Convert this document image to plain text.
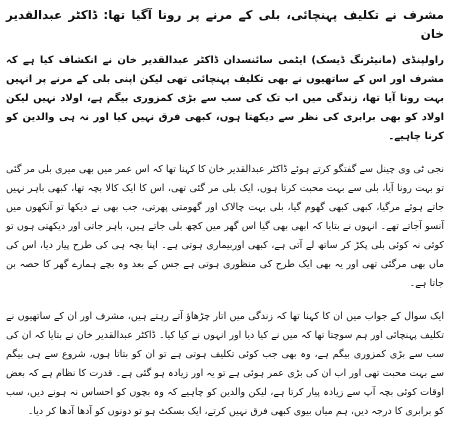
مشرف نے تکلیف پہنچائی، بلی کے مرنے پر رونا آگیا تھا: ڈاکٹر عبدالقدیر خان

راولپنڈی (مانیٹرنگ ڈیسک) ایٹمی سائنسدان ڈاکٹر عبدالقدیر خان نے انکشاف کیا ہے کہ مشرف اور اس کے ساتھیوں نے بھی تکلیف پہنچائی تھی لیکن اپنی بلی کے مرنے پر انہیں بہت رونا آیا تھا، زندگی میں اب تک کی سب سے بڑی کمزوری بیگم ہے، اولاد نہیں لیکن اولاد کو بھی برابری کی نظر سے دیکھتا ہوں، کبھی فرق نہیں کیا اور نہ ہی والدین کو کرنا چاہیے۔

نجی ٹی وی چینل سے گفتگو کرتے ہوئے ڈاکٹر عبدالقدیر خان کا کہنا تھا کہ اس عمر میں بھی میری بلی مر گئی تو بہت رونا آیا، بلی سے بہت محبت کرتا ہوں، ایک بلی مر گئی تھی، اس کا ایک کالا بچہ تھا، کبھی باہر نہیں جاتے ہوئے مرگیا، کبھی کبھی گھوم گیا، بلی بہت چالاک اور گھومتی پھرتی، جب بھی نے دیکھا تو آنکھوں میں آنسو آجاتے تھے۔ انہوں نے بتایا کہ ابھی بھی گیا اس گھر میں کچھ بلی جاتے ہیں، باہر جاتی اور دیکھتی ہوں تو کوئی نہ کوئی بلی پکڑ کر ساتھ لے آتی ہے، کبھی اوربیماری ہوتی ہے۔ اپنا بچہ ہی کی طرح پیار دیا، اس کی ماں بھی مرگئی تھی اور یہ بھی ایک طرح کی منظوری ہوتی ہے جس کے بعد وہ بچے ہمارے گھر کا حصہ بن جاتا ہے۔

ایک سوال کے جواب میں ان کا کہنا تھا کہ زندگی میں اتار چڑھاؤ آتے رہتے ہیں، مشرف اور ان کے ساتھیوں نے تکلیف پہنچائی اور ہم سوچتا تھا کہ میں نے کیا دیا اور انہوں نے کیا کیا۔ ڈاکٹر عبدالقدیر خان نے بتایا کہ ان کی سب سے بڑی کمزوری بیگم ہے، وہ بھی جب کوئی تکلیف ہوتی ہے تو ان کو بتاتا ہوں، شروع سے ہی بیگم سے بہت محبت تھی اور اب ان کی بڑی عمر ہوئی ہے تو یہ اور زیادہ ہو گئی ہے۔ قدرت کا نظام ہے کہ بعض اوقات کوئی بچہ آپ سے زیادہ پیار کرتا ہے، لیکن والدین کو چاہیے کہ وہ بچوں کو احساس نہ ہونے دیں، سب کو برابری کا درجہ دیں، ہم میاں بیوی کبھی فرق نہیں کرتے، ایک بسکٹ ہو تو دونوں کو آدھا آدھا کر دیا۔
